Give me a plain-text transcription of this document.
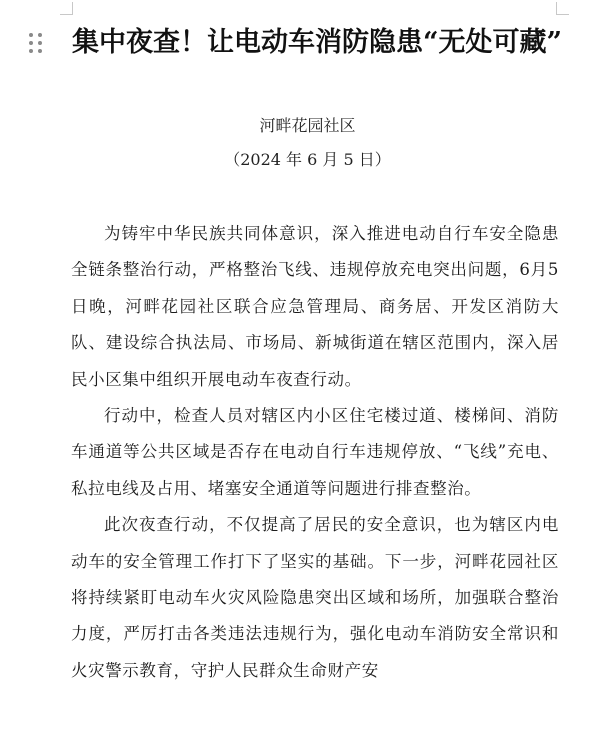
集中夜查！让电动车消防隐患“无处可藏”
河畔花园社区
（2024 年 6 月 5 日）

为铸牢中华民族共同体意识，深入推进电动自行车安全隐患全链条整治行动，严格整治飞线、违规停放充电突出问题，6月5日晚，河畔花园社区联合应急管理局、商务居、开发区消防大队、建设综合执法局、市场局、新城街道在辖区范围内，深入居民小区集中组织开展电动车夜查行动。

行动中，检查人员对辖区内小区住宅楼过道、楼梯间、消防车通道等公共区域是否存在电动自行车违规停放、“飞线”充电、私拉电线及占用、堵塞安全通道等问题进行排查整治。

此次夜查行动，不仅提高了居民的安全意识，也为辖区内电动车的安全管理工作打下了坚实的基础。下一步，河畔花园社区将持续紧盯电动车火灾风险隐患突出区域和场所，加强联合整治力度，严厉打击各类违法违规行为，强化电动车消防安全常识和火灾警示教育，守护人民群众生命财产安
